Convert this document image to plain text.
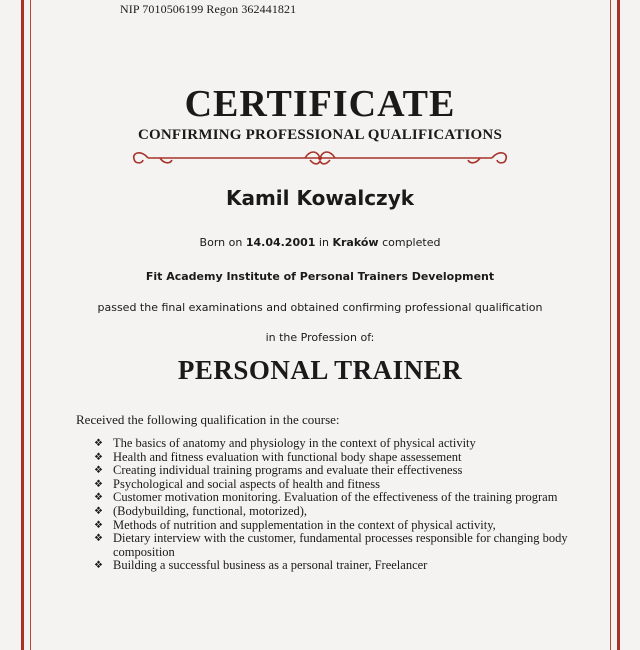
NIP 7010506199 Regon 362441821
CERTIFICATE
CONFIRMING PROFESSIONAL QUALIFICATIONS
Kamil Kowalczyk
Born on 14.04.2001 in Kraków completed
Fit Academy Institute of Personal Trainers Development
passed the final examinations and obtained confirming professional qualification
in the Profession of:
PERSONAL TRAINER
Received the following qualification in the course:
❖ The basics of anatomy and physiology in the context of physical activity
❖ Health and fitness evaluation with functional body shape assessement
❖ Creating individual training programs and evaluate their effectiveness
❖ Psychological and social aspects of health and fitness
❖ Customer motivation monitoring. Evaluation of the effectiveness of the training program
❖ (Bodybuilding, functional, motorized),
❖ Methods of nutrition and supplementation in the context of physical activity,
❖ Dietary interview with the customer, fundamental processes responsible for changing body composition
❖ Building a successful business as a personal trainer, Freelancer
